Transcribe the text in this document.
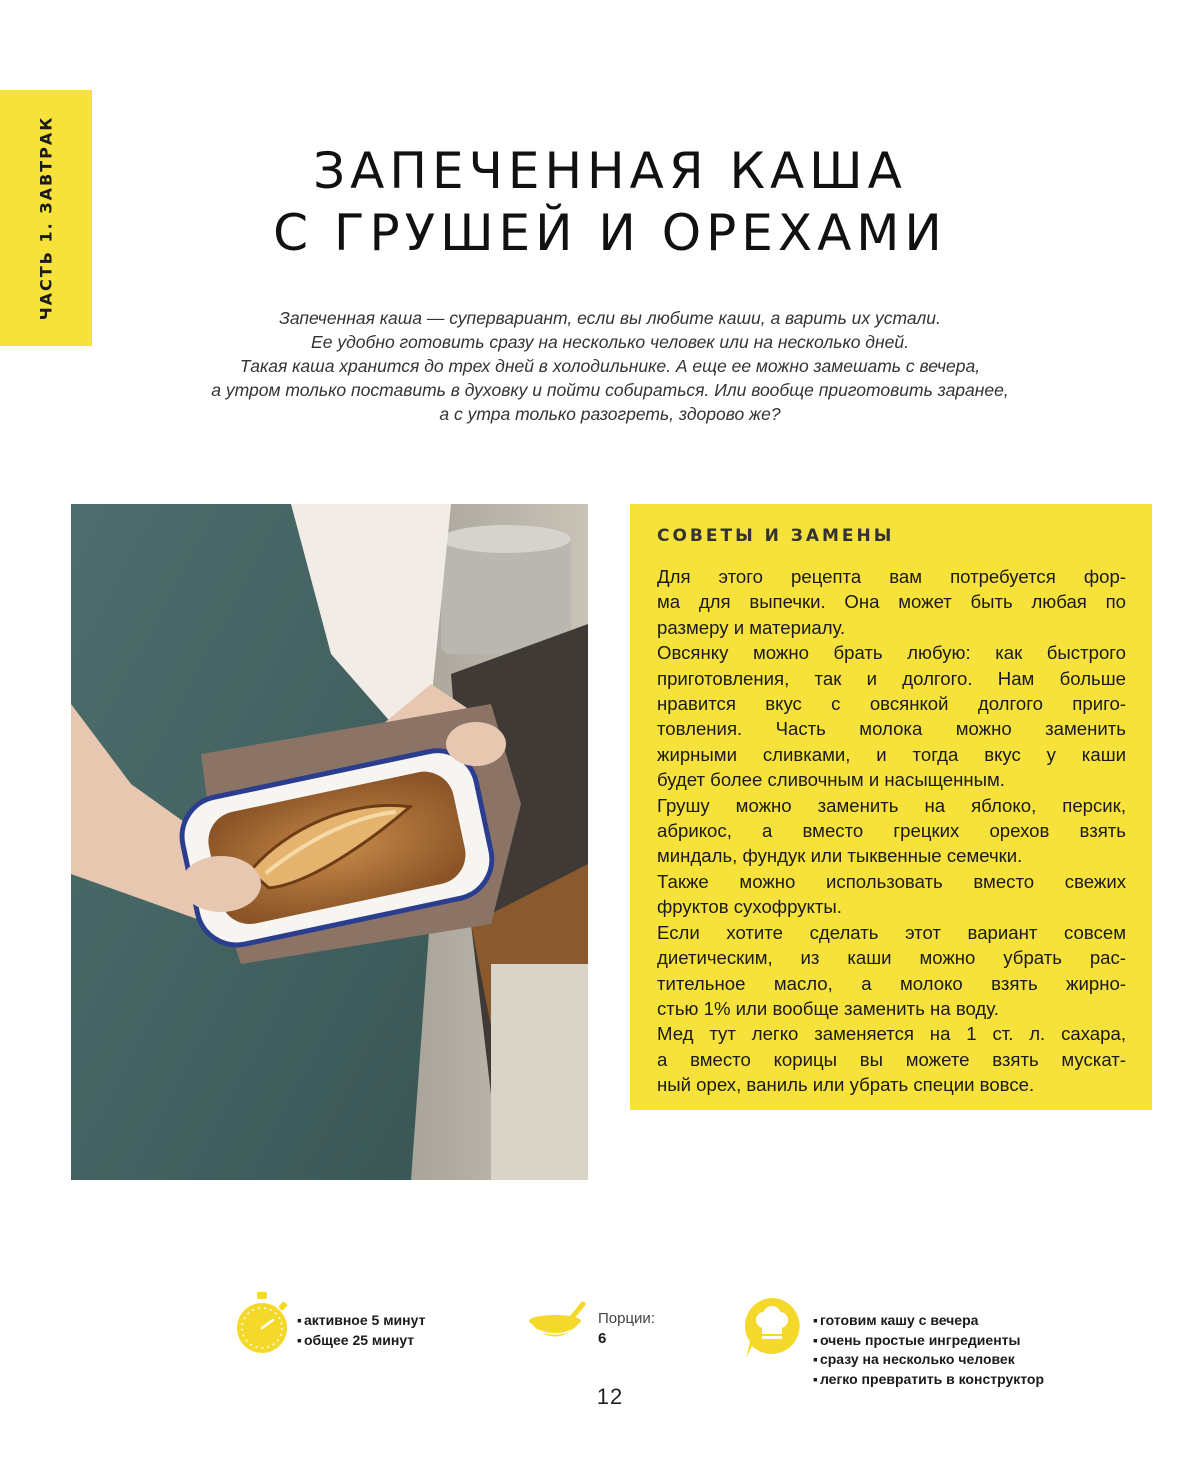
ЧАСТЬ 1. ЗАВТРАК	ЗАПЕЧЕННАЯ КАША
С ГРУШЕЙ И ОРЕХАМИ
Запеченная каша — супервариант, если вы любите каши, а варить их устали.
Ее удобно готовить сразу на несколько человек или на несколько дней.
Такая каша хранится до трех дней в холодильнике. А еще ее можно замешать с вечера,
а утром только поставить в духовку и пойти собираться. Или вообще приготовить заранее,
а с утра только разогреть, здорово же?
СОВЕТЫ И ЗАМЕНЫ
Для этого рецепта вам потребуется фор-
ма для выпечки. Она может быть любая по
размеру и материалу.
Овсянку можно брать любую: как быстрого
приготовления, так и долгого. Нам больше
нравится вкус с овсянкой долгого приго-
товления. Часть молока можно заменить
жирными сливками, и тогда вкус у каши
будет более сливочным и насыщенным.
Грушу можно заменить на яблоко, персик,
абрикос, а вместо грецких орехов взять
миндаль, фундук или тыквенные семечки.
Также можно использовать вместо свежих
фруктов сухофрукты.
Если хотите сделать этот вариант совсем
диетическим, из каши можно убрать рас-
тительное масло, а молоко взять жирно-
стью 1% или вообще заменить на воду.
Мед тут легко заменяется на 1 ст. л. сахара,
а вместо корицы вы можете взять мускат-
ный орех, ваниль или убрать специи вовсе.
▪ активное 5 минут
▪ общее 25 минут
Порции:
6
▪ готовим кашу с вечера
▪ очень простые ингредиенты
▪ сразу на несколько человек
▪ легко превратить в конструктор
12
